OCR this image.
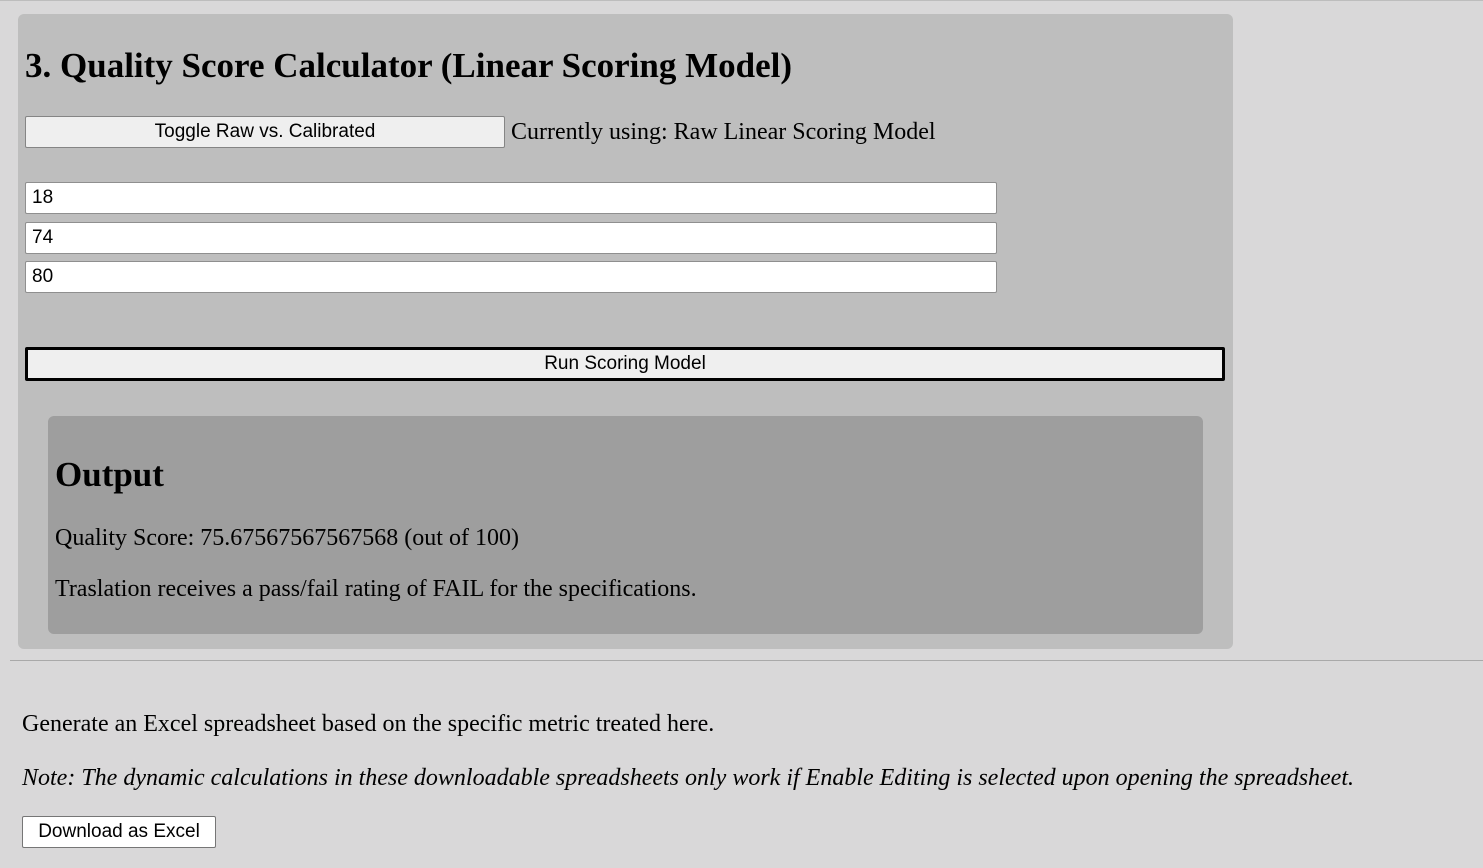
3. Quality Score Calculator (Linear Scoring Model)
Toggle Raw vs. Calibrated	Currently using: Raw Linear Scoring Model
18
74
80
Run Scoring Model
Output

Quality Score: 75.67567567567568 (out of 100)

Traslation receives a pass/fail rating of FAIL for the specifications.

Generate an Excel spreadsheet based on the specific metric treated here.

Note: The dynamic calculations in these downloadable spreadsheets only work if Enable Editing is selected upon opening the spreadsheet.

Download as Excel
